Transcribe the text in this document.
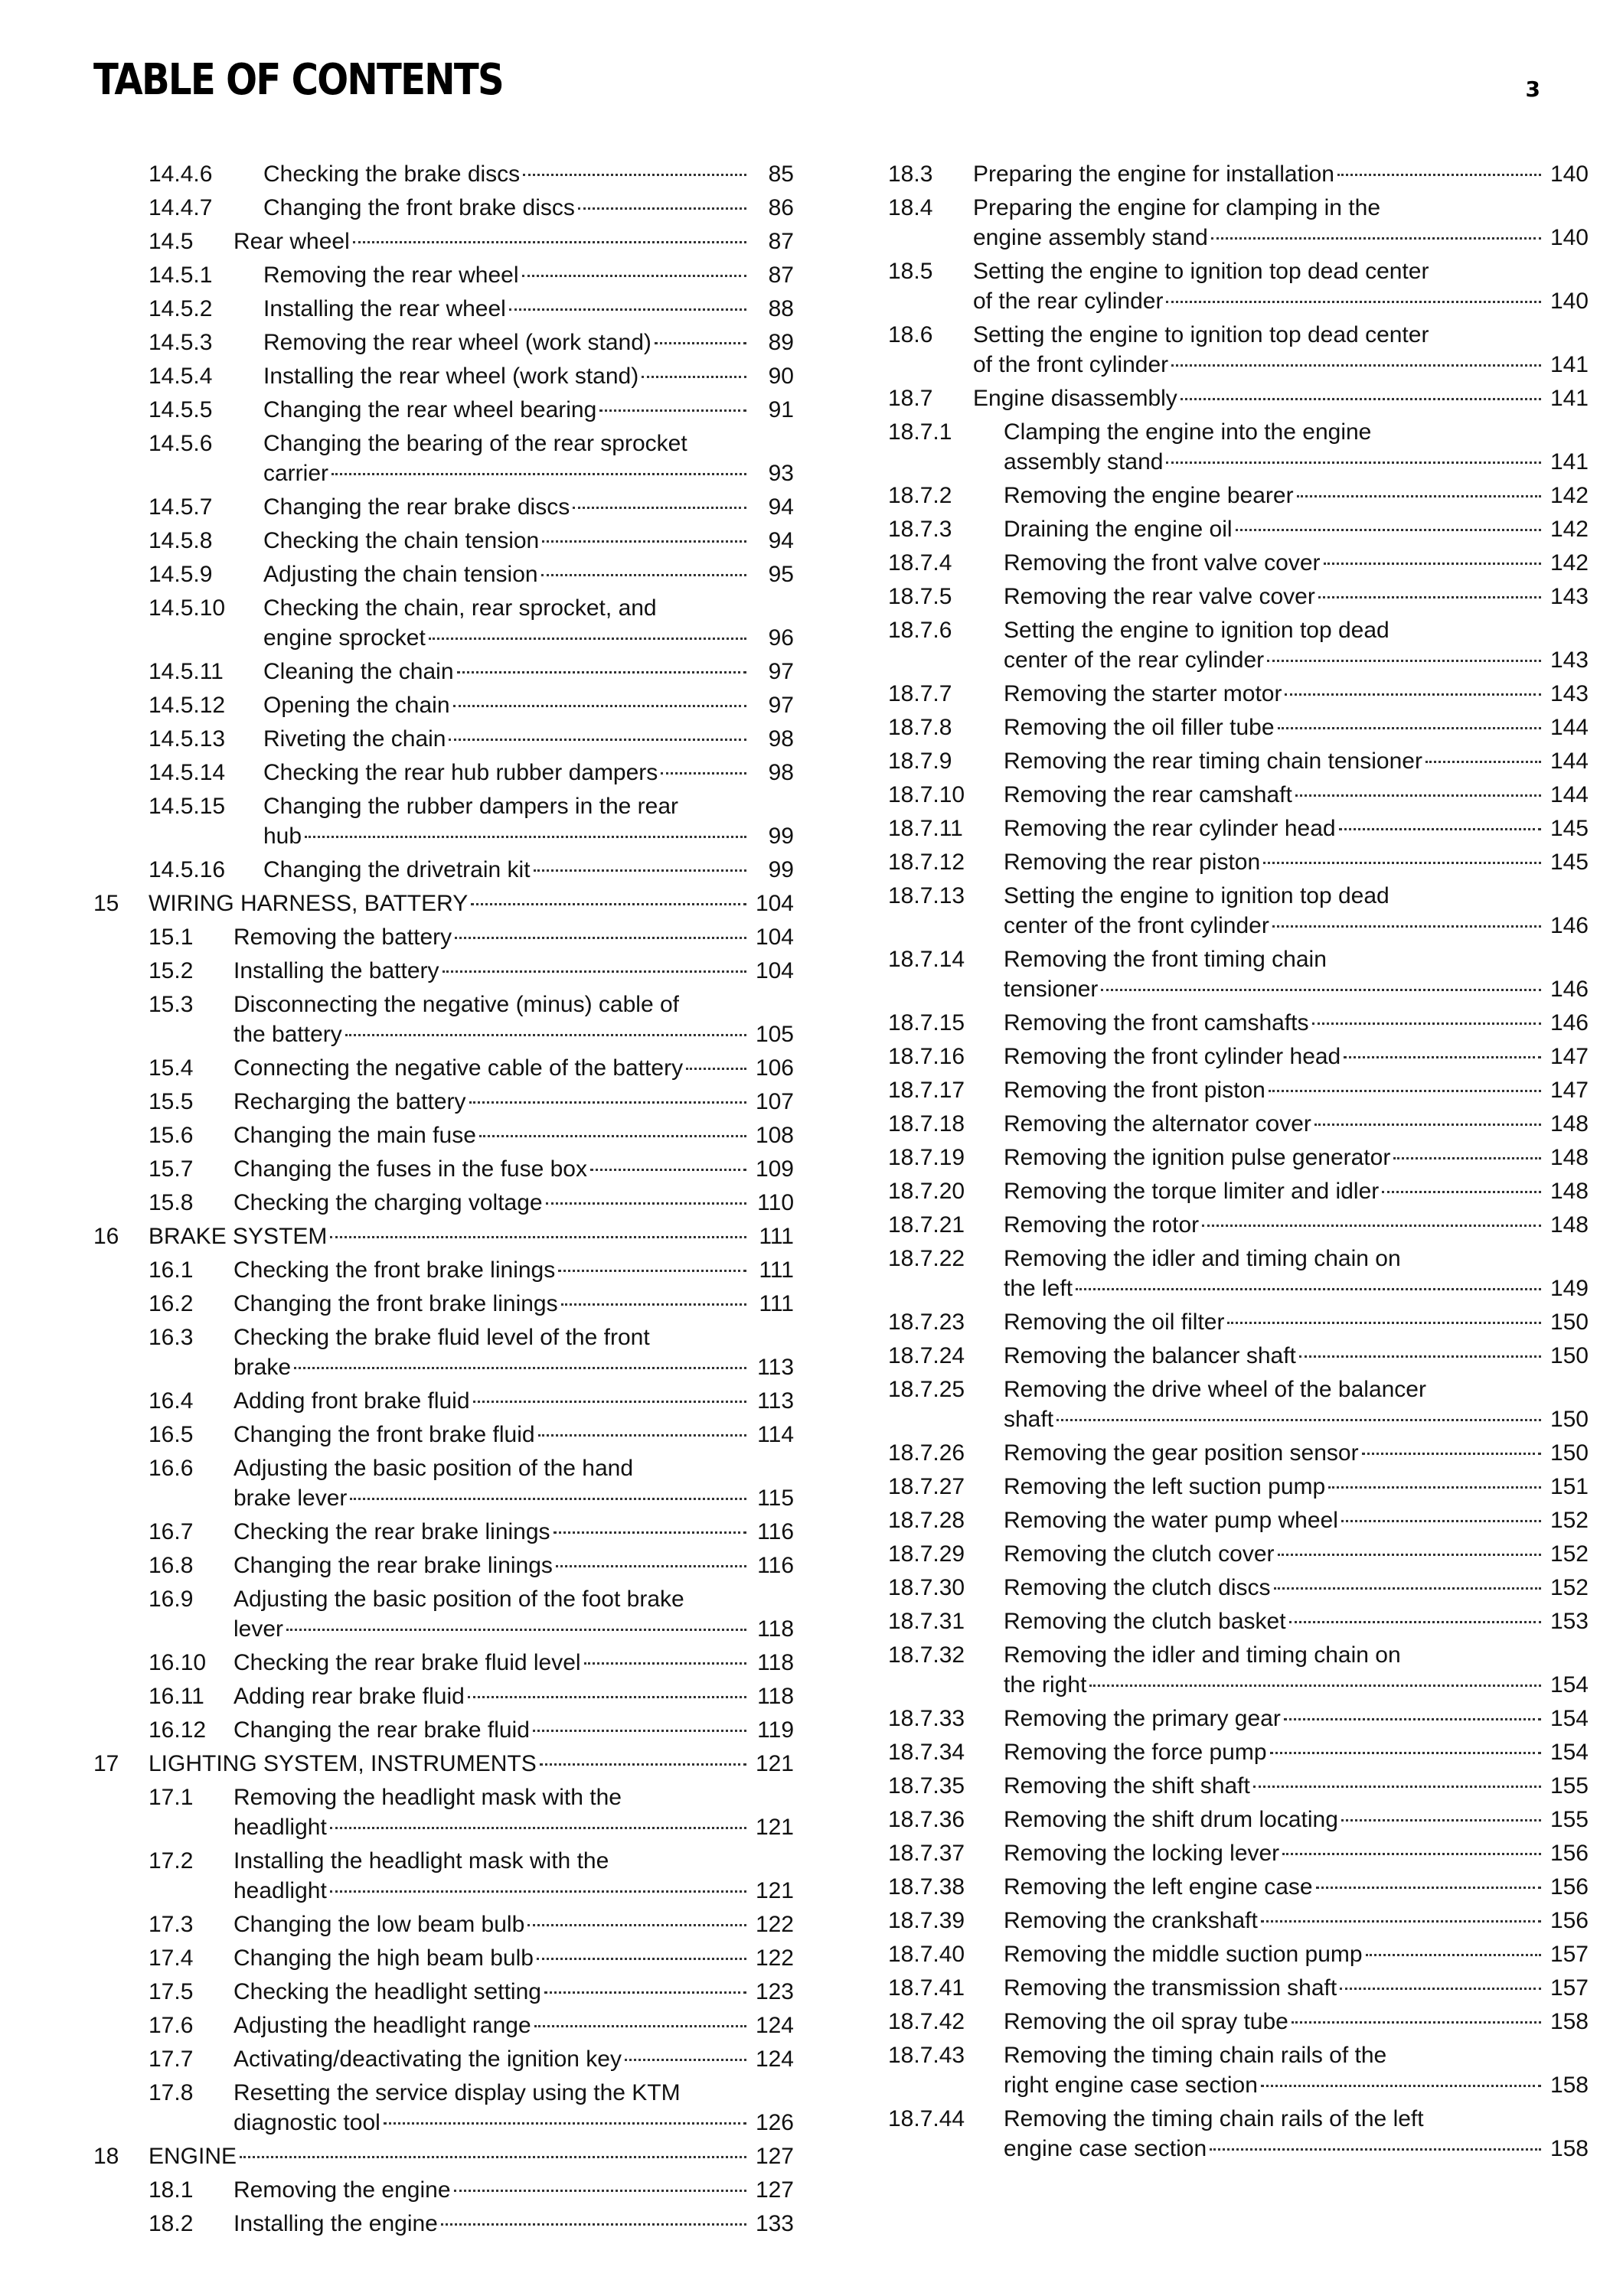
TABLE OF CONTENTS	3
14.4.6 Checking the brake discs	85
14.4.7 Changing the front brake discs	86
14.5 Rear wheel	87
14.5.1 Removing the rear wheel	87
14.5.2 Installing the rear wheel	88
14.5.3 Removing the rear wheel (work stand)	89
14.5.4 Installing the rear wheel (work stand)	90
14.5.5 Changing the rear wheel bearing	91
14.5.6 Changing the bearing of the rear sprocket
carrier	93
14.5.7 Changing the rear brake discs	94
14.5.8 Checking the chain tension	94
14.5.9 Adjusting the chain tension	95
14.5.10 Checking the chain, rear sprocket, and
engine sprocket	96
14.5.11 Cleaning the chain	97
14.5.12 Opening the chain	97
14.5.13 Riveting the chain	98
14.5.14 Checking the rear hub rubber dampers	98
14.5.15 Changing the rubber dampers in the rear
hub	99
14.5.16 Changing the drivetrain kit	99
15 WIRING HARNESS, BATTERY	104
15.1 Removing the battery	104
15.2 Installing the battery	104
15.3 Disconnecting the negative (minus) cable of
the battery	105
15.4 Connecting the negative cable of the battery	106
15.5 Recharging the battery	107
15.6 Changing the main fuse	108
15.7 Changing the fuses in the fuse box	109
15.8 Checking the charging voltage	110
16 BRAKE SYSTEM	111
16.1 Checking the front brake linings	111
16.2 Changing the front brake linings	111
16.3 Checking the brake fluid level of the front
brake	113
16.4 Adding front brake fluid	113
16.5 Changing the front brake fluid	114
16.6 Adjusting the basic position of the hand
brake lever	115
16.7 Checking the rear brake linings	116
16.8 Changing the rear brake linings	116
16.9 Adjusting the basic position of the foot brake
lever	118
16.10 Checking the rear brake fluid level	118
16.11 Adding rear brake fluid	118
16.12 Changing the rear brake fluid	119
17 LIGHTING SYSTEM, INSTRUMENTS	121
17.1 Removing the headlight mask with the
headlight	121
17.2 Installing the headlight mask with the
headlight	121
17.3 Changing the low beam bulb	122
17.4 Changing the high beam bulb	122
17.5 Checking the headlight setting	123
17.6 Adjusting the headlight range	124
17.7 Activating/deactivating the ignition key	124
17.8 Resetting the service display using the KTM
diagnostic tool	126
18 ENGINE	127
18.1 Removing the engine	127
18.2 Installing the engine	133
18.3 Preparing the engine for installation	140
18.4 Preparing the engine for clamping in the
engine assembly stand	140
18.5 Setting the engine to ignition top dead center
of the rear cylinder	140
18.6 Setting the engine to ignition top dead center
of the front cylinder	141
18.7 Engine disassembly	141
18.7.1 Clamping the engine into the engine
assembly stand	141
18.7.2 Removing the engine bearer	142
18.7.3 Draining the engine oil	142
18.7.4 Removing the front valve cover	142
18.7.5 Removing the rear valve cover	143
18.7.6 Setting the engine to ignition top dead
center of the rear cylinder	143
18.7.7 Removing the starter motor	143
18.7.8 Removing the oil filler tube	144
18.7.9 Removing the rear timing chain tensioner	144
18.7.10 Removing the rear camshaft	144
18.7.11 Removing the rear cylinder head	145
18.7.12 Removing the rear piston	145
18.7.13 Setting the engine to ignition top dead
center of the front cylinder	146
18.7.14 Removing the front timing chain
tensioner	146
18.7.15 Removing the front camshafts	146
18.7.16 Removing the front cylinder head	147
18.7.17 Removing the front piston	147
18.7.18 Removing the alternator cover	148
18.7.19 Removing the ignition pulse generator	148
18.7.20 Removing the torque limiter and idler	148
18.7.21 Removing the rotor	148
18.7.22 Removing the idler and timing chain on
the left	149
18.7.23 Removing the oil filter	150
18.7.24 Removing the balancer shaft	150
18.7.25 Removing the drive wheel of the balancer
shaft	150
18.7.26 Removing the gear position sensor	150
18.7.27 Removing the left suction pump	151
18.7.28 Removing the water pump wheel	152
18.7.29 Removing the clutch cover	152
18.7.30 Removing the clutch discs	152
18.7.31 Removing the clutch basket	153
18.7.32 Removing the idler and timing chain on
the right	154
18.7.33 Removing the primary gear	154
18.7.34 Removing the force pump	154
18.7.35 Removing the shift shaft	155
18.7.36 Removing the shift drum locating	155
18.7.37 Removing the locking lever	156
18.7.38 Removing the left engine case	156
18.7.39 Removing the crankshaft	156
18.7.40 Removing the middle suction pump	157
18.7.41 Removing the transmission shaft	157
18.7.42 Removing the oil spray tube	158
18.7.43 Removing the timing chain rails of the
right engine case section	158
18.7.44 Removing the timing chain rails of the left
engine case section	158
